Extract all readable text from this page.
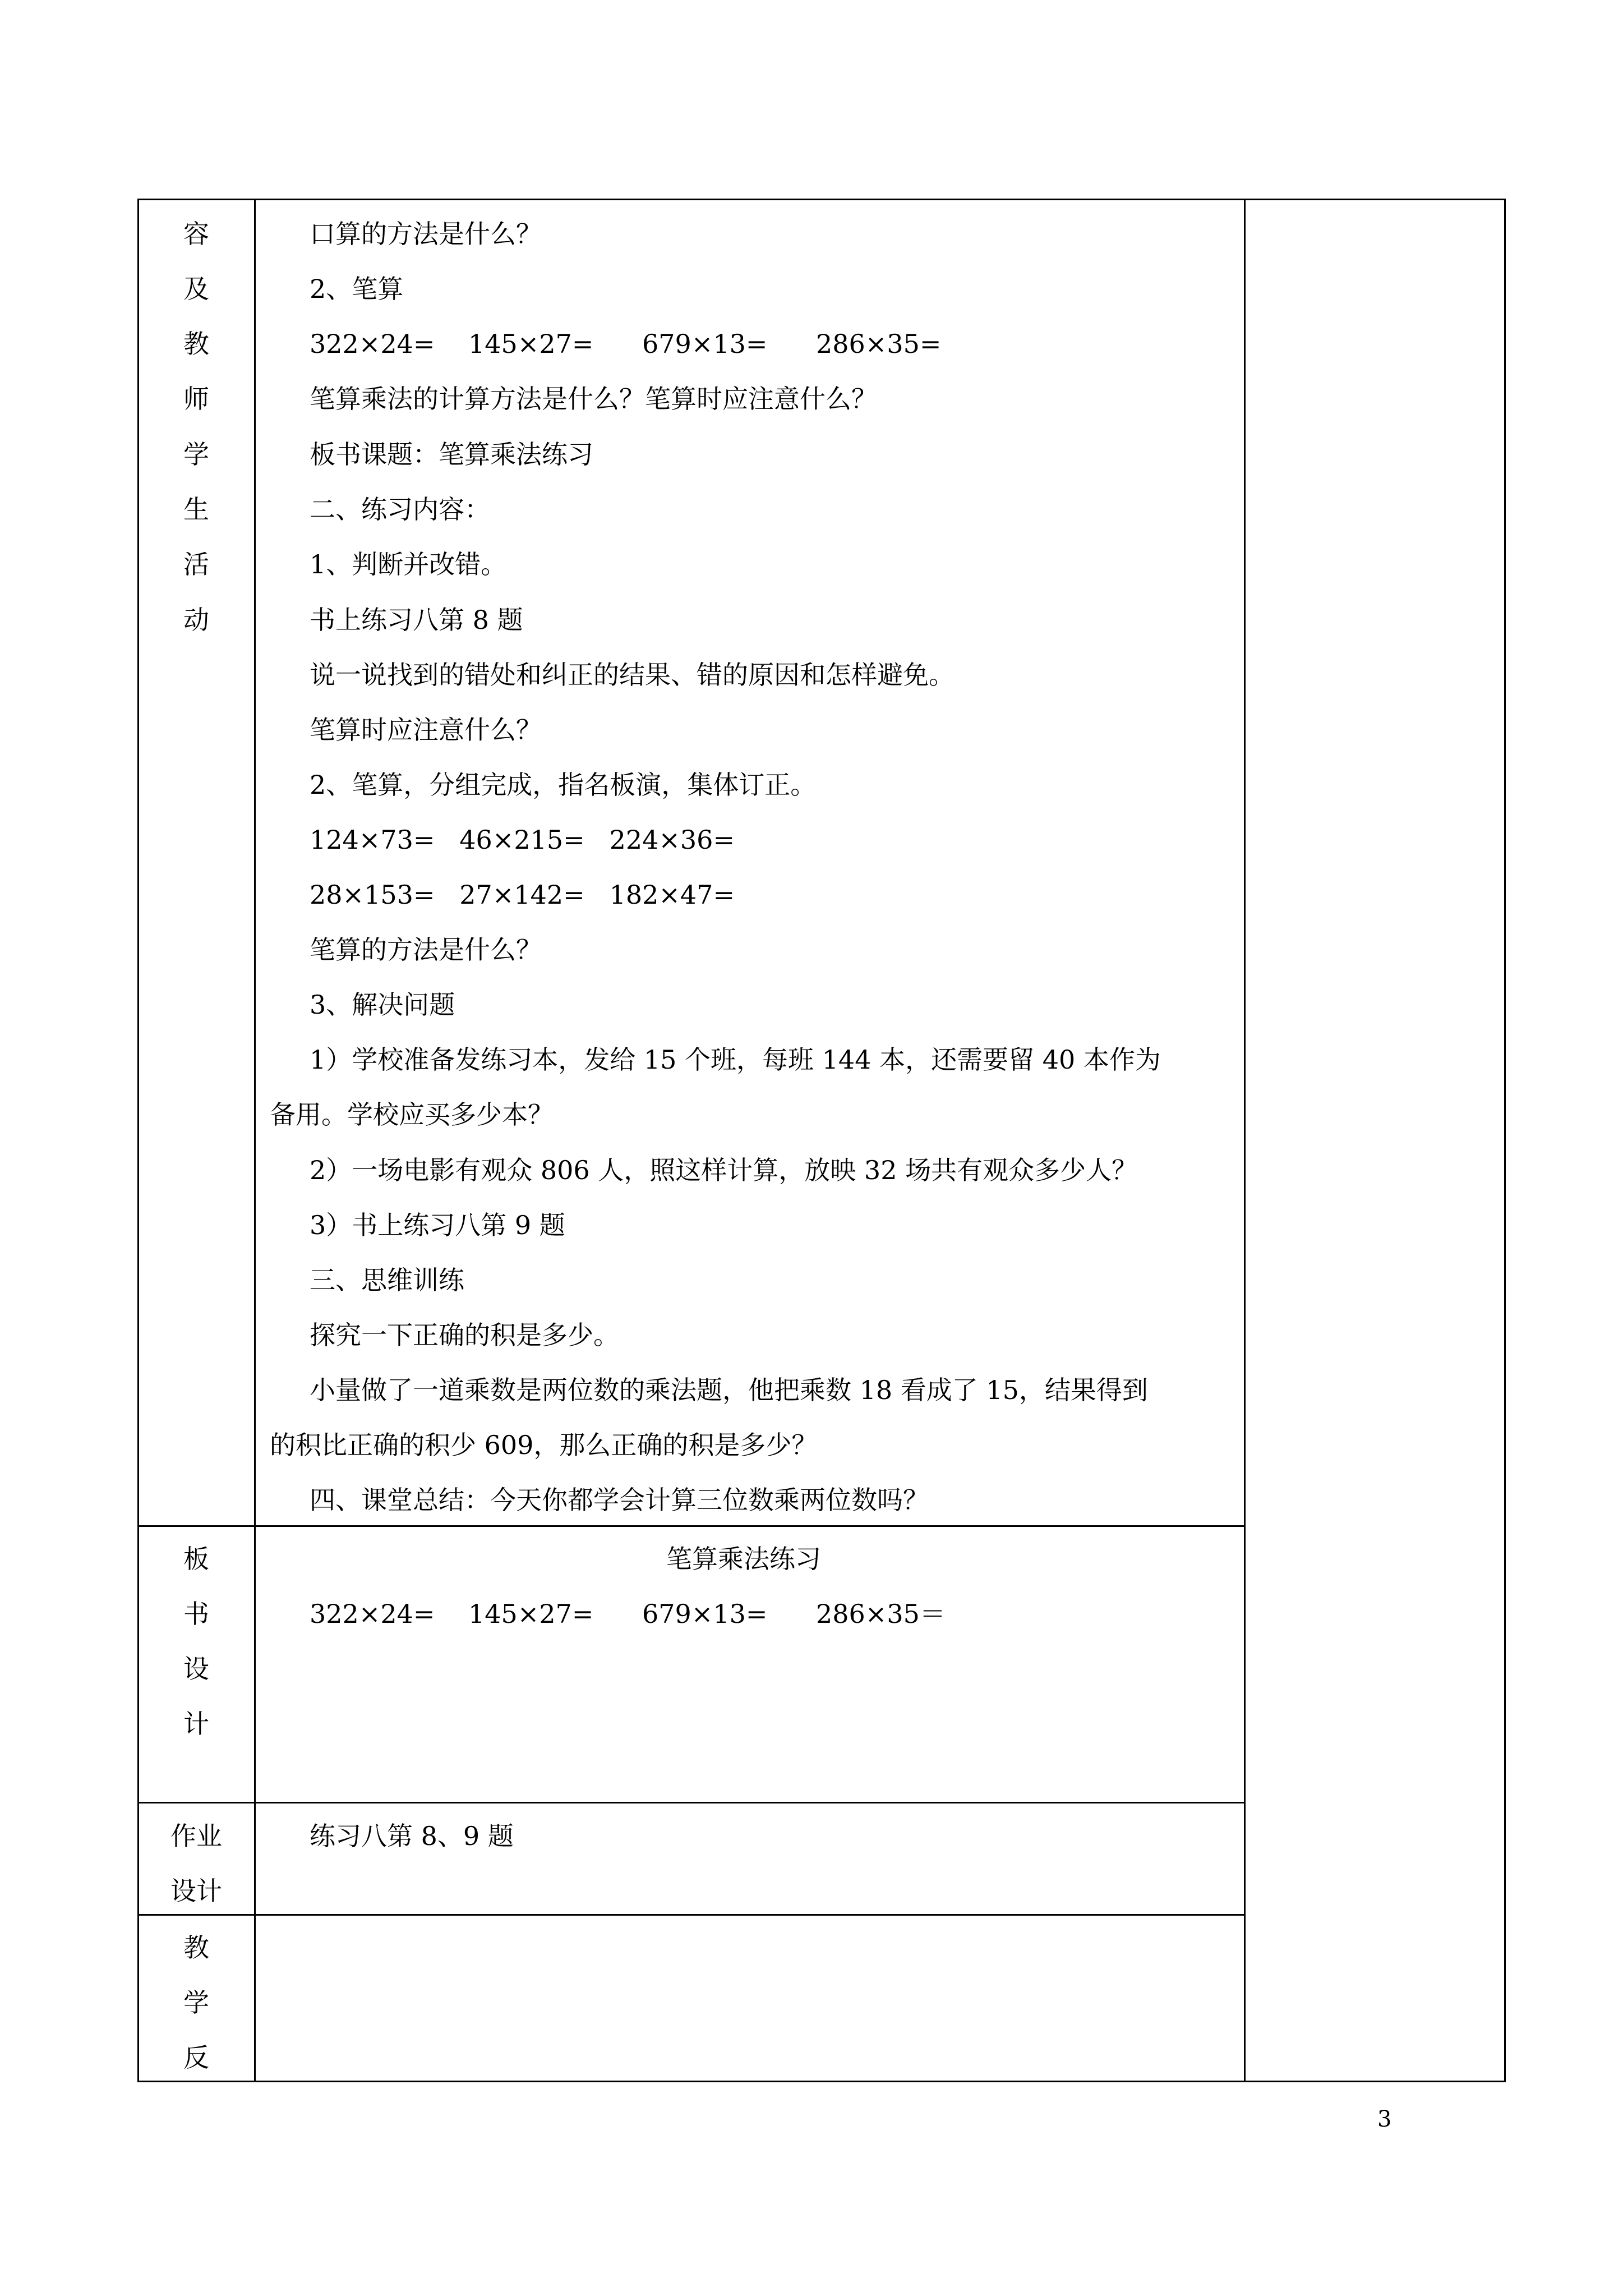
容
及
教
师
学
生
活
动
口算的方法是什么？
2、笔算
322×24= 145×27= 679×13= 286×35=
笔算乘法的计算方法是什么？笔算时应注意什么？
板书课题：笔算乘法练习
二、练习内容：
1、判断并改错。
书上练习八第 8 题
说一说找到的错处和纠正的结果、错的原因和怎样避免。
笔算时应注意什么？
2、笔算，分组完成，指名板演，集体订正。
124×73=   46×215=   224×36=
28×153=   27×142=   182×47=
笔算的方法是什么？
3、解决问题
1）学校准备发练习本，发给 15 个班，每班 144 本，还需要留 40 本作为
备用。学校应买多少本？
2）一场电影有观众 806 人，照这样计算，放映 32 场共有观众多少人？
3）书上练习八第 9 题
三、思维训练
探究一下正确的积是多少。
小量做了一道乘数是两位数的乘法题，他把乘数 18 看成了 15，结果得到
的积比正确的积少 609，那么正确的积是多少？
四、课堂总结：今天你都学会计算三位数乘两位数吗？
板
书
设
计
笔算乘法练习
322×24= 145×27= 679×13= 286×35＝
作业
设计
练习八第 8、9 题
教
学
反
3
